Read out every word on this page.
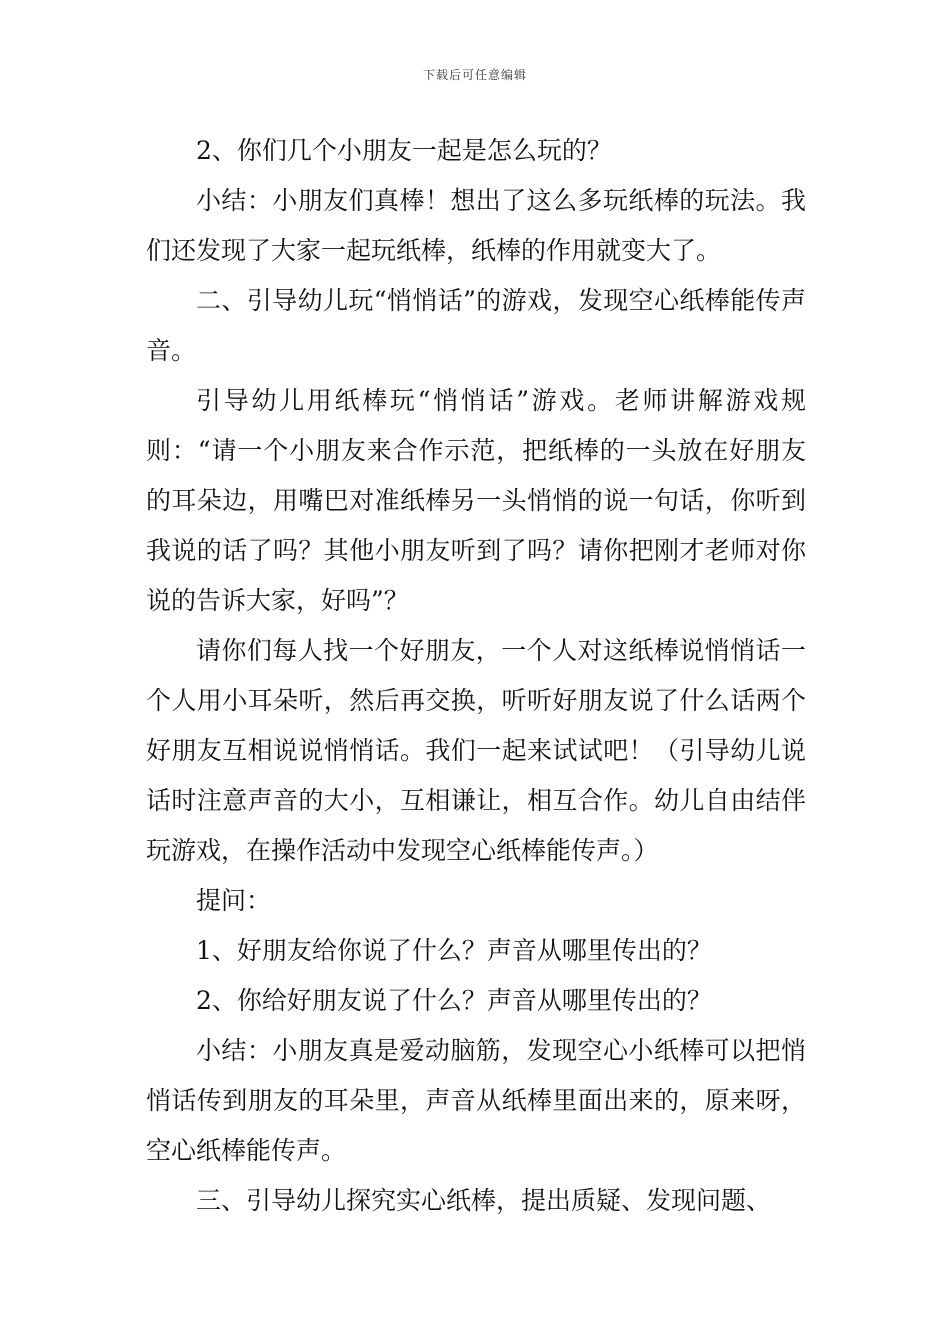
下载后可任意编辑

2、你们几个小朋友一起是怎么玩的？

小结：小朋友们真棒！想出了这么多玩纸棒的玩法。我们还发现了大家一起玩纸棒，纸棒的作用就变大了。

二、引导幼儿玩“悄悄话”的游戏，发现空心纸棒能传声音。

引导幼儿用纸棒玩“悄悄话”游戏。老师讲解游戏规则：“请一个小朋友来合作示范，把纸棒的一头放在好朋友的耳朵边，用嘴巴对准纸棒另一头悄悄的说一句话，你听到我说的话了吗？其他小朋友听到了吗？请你把刚才老师对你说的告诉大家，好吗”？

请你们每人找一个好朋友，一个人对这纸棒说悄悄话一个人用小耳朵听，然后再交换，听听好朋友说了什么话两个好朋友互相说说悄悄话。我们一起来试试吧！（引导幼儿说话时注意声音的大小，互相谦让，相互合作。幼儿自由结伴玩游戏，在操作活动中发现空心纸棒能传声。）

提问：

1、好朋友给你说了什么？声音从哪里传出的？

2、你给好朋友说了什么？声音从哪里传出的？

小结：小朋友真是爱动脑筋，发现空心小纸棒可以把悄悄话传到朋友的耳朵里，声音从纸棒里面出来的，原来呀，空心纸棒能传声。

三、引导幼儿探究实心纸棒，提出质疑、发现问题、
